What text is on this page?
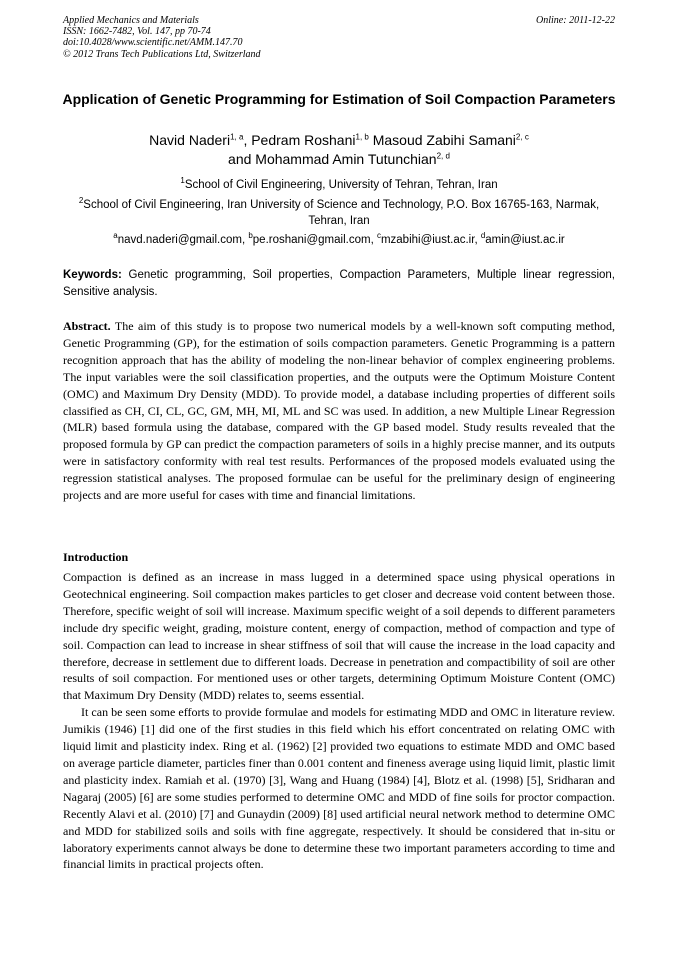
Applied Mechanics and Materials
ISSN: 1662-7482, Vol. 147, pp 70-74
doi:10.4028/www.scientific.net/AMM.147.70
© 2012 Trans Tech Publications Ltd, Switzerland
Online: 2011-12-22
Application of Genetic Programming for Estimation of Soil Compaction Parameters
Navid Naderi$^{1, a}$, Pedram Roshani$^{1, b}$ Masoud Zabihi Samani$^{2, c}$
and Mohammad Amin Tutunchian$^{2, d}$
$^1$School of Civil Engineering, University of Tehran, Tehran, Iran
$^2$School of Civil Engineering, Iran University of Science and Technology, P.O. Box 16765-163, Narmak, Tehran, Iran
$^a$navd.naderi@gmail.com, $^b$pe.roshani@gmail.com, $^c$mzabihi@iust.ac.ir, $^d$amin@iust.ac.ir
Keywords: Genetic programming, Soil properties, Compaction Parameters, Multiple linear regression, Sensitive analysis.
Abstract. The aim of this study is to propose two numerical models by a well-known soft computing method, Genetic Programming (GP), for the estimation of soils compaction parameters. Genetic Programming is a pattern recognition approach that has the ability of modeling the non-linear behavior of complex engineering problems. The input variables were the soil classification properties, and the outputs were the Optimum Moisture Content (OMC) and Maximum Dry Density (MDD). To provide model, a database including properties of different soils classified as CH, CI, CL, GC, GM, MH, MI, ML and SC was used. In addition, a new Multiple Linear Regression (MLR) based formula using the database, compared with the GP based model. Study results revealed that the proposed formula by GP can predict the compaction parameters of soils in a highly precise manner, and its outputs were in satisfactory conformity with real test results. Performances of the proposed models evaluated using the regression statistical analyses. The proposed formulae can be useful for the preliminary design of engineering projects and are more useful for cases with time and financial limitations.
Introduction

Compaction is defined as an increase in mass lugged in a determined space using physical operations in Geotechnical engineering. Soil compaction makes particles to get closer and decrease void content between those. Therefore, specific weight of soil will increase. Maximum specific weight of a soil depends to different parameters include dry specific weight, grading, moisture content, energy of compaction, method of compaction and type of soil. Compaction can lead to increase in shear stiffness of soil that will cause the increase in the load capacity and therefore, decrease in settlement due to different loads. Decrease in penetration and compactibility of soil are other results of soil compaction. For mentioned uses or other targets, determining Optimum Moisture Content (OMC) that Maximum Dry Density (MDD) relates to, seems essential.

It can be seen some efforts to provide formulae and models for estimating MDD and OMC in literature review. Jumikis (1946) [1] did one of the first studies in this field which his effort concentrated on relating OMC with liquid limit and plasticity index. Ring et al. (1962) [2] provided two equations to estimate MDD and OMC based on average particle diameter, particles finer than 0.001 content and fineness average using liquid limit, plastic limit and plasticity index. Ramiah et al. (1970) [3], Wang and Huang (1984) [4], Blotz et al. (1998) [5], Sridharan and Nagaraj (2005) [6] are some studies performed to determine OMC and MDD of fine soils for proctor compaction. Recently Alavi et al. (2010) [7] and Gunaydin (2009) [8] used artificial neural network method to determine OMC and MDD for stabilized soils and soils with fine aggregate, respectively. It should be considered that in-situ or laboratory experiments cannot always be done to determine these two important parameters according to time and financial limits in practical projects often.
